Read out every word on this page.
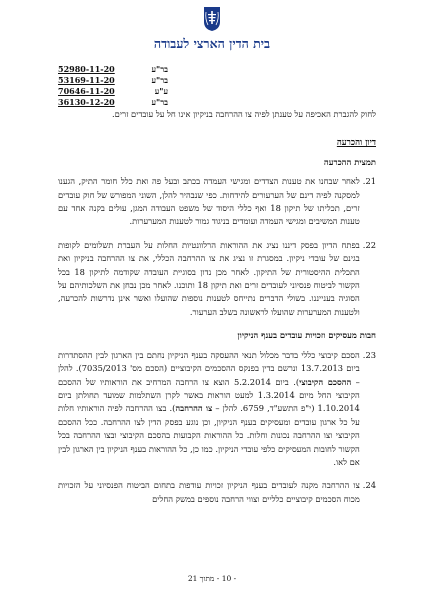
בית הדין הארצי לעבודה
52980-11-20	בר"ע
53169-11-20	בר"ע
70646-11-20	ע"ע
36130-12-20	בר"ע

לחוק להגברת האכיפה על טענתן לפיה צו ההרחבה בניקיון אינו חל על עובדים זרים.

דיון והכרעה
תמצית ההכרעה
21.
לאחר שבחנו את טענות הצדדים ומגישי העמדה בכתב ובעל פה ואת כלל חומר התיק, הגענו למסקנה לפיה דינם של הערעורים להידחות. כפי שנבהיר להלן, השוני המפורש של חוק עובדים זרים, תכליתו של תיקון 18 ואף כללי היסוד של משפט העבודה המגן, עולים בקנה אחד עם טענות המשיבים ומגישי העמדה ועומדים בניגוד גמור לטענות המערערות.
22.
בפתח הדיון בפסק דיננו נציג את ההוראות הרלוונטיות החלות על העברת תשלומים לקופות בגינם של עובדי ניקיון. במסגרת זו נציג את צו ההרחבה הכללי, את צו ההרחבה בניקיון ואת התכלית ההיסטורית של התיקון. לאחר מכן נדון בסוגיית העובדה שקודמה לתיקון 18 בכל הקשור לביטוח פנסיוני לעובדים זרים ואת תיקון 18 ותוכנו. לאחר מכן נבחן את השלכותיהם על הסוגיה בענייננו. בשולי הדברים נתייחס לטענות נוספות שהועלו ואשר אינן נדרשות להכרעה, ולטענות המערערות שהועלו לראשונה בשלב הערעור.
חבות מעסיקים וזכויות עובדים בענף הניקיון
23.
הסכם קיבוצי כללי בדבר מכלול תנאי ההעסקה בענף הניקיון נחתם בין הארגון לבין ההסתדרות ביום 13.7.2013 ונרשם בדין בפנקס ההסכמים הקיבוציים (הסכם מס' 7035/2013). להלן – ההסכם הקיבוצי). ביום 5.2.2014 הוצא צו הרחבה המרחיב את הוראותיו של ההסכם הקיבוצי החל מיום 1.3.2014 למעט הוראות באשר לקרן השתלמות שמועד תחולתן ביום 1.10.2014 (י"פ התשע"ד, 6759. להלן – צו ההרחבה). בצו ההרחבה לפיה הוראותיו חלות על כל ארגון עובדים ומעסיקים בענף הניקיון, וכן נוגע בפסק הדין לצו ההרחבה. ככל ההסכם הקיבוצי וצו ההרחבה נכונות וחלות. כל ההוראות הקבועות בהסכם הקיבוצי ובצו ההרחבה בכל הקשור לחובות המעסיקים כלפי עובדי הניקיון. כמו כן, כל ההוראות בענף הניקיון בין הארגון לבין אם לאו.
24.
צו ההרחבה מקנה לעובדים בענף הניקיון זכויות עודפות בתחום הביטוח הפנסיוני על הזכויות מכוח הסכמים קיבוציים כלליים וצווי הרחבה נוספים במשק החלים
- 10 - מתוך 21
